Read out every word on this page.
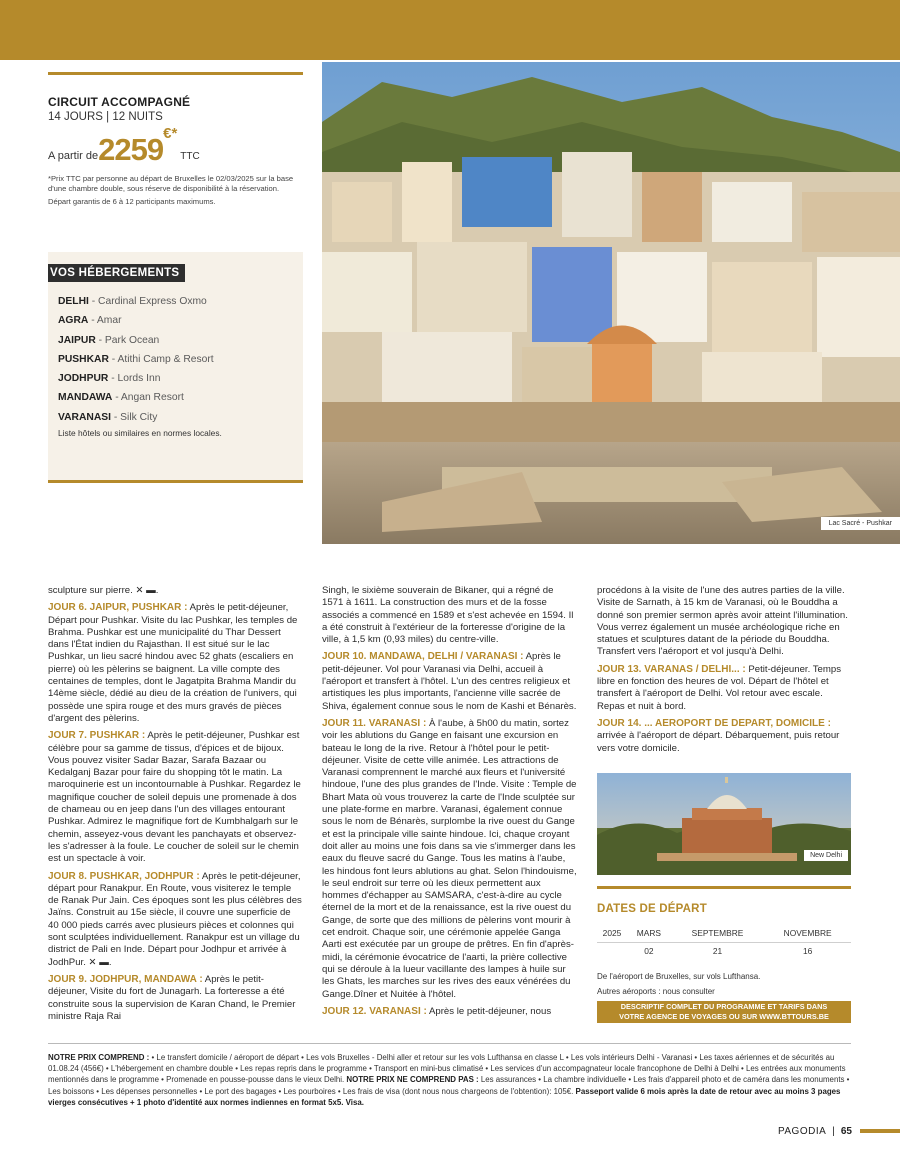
CIRCUIT ACCOMPAGNÉ
14 JOURS | 12 NUITS
A partir de 2259 €*
TTC
*Prix TTC par personne au départ de Bruxelles le 02/03/2025 sur la base d'une chambre double, sous réserve de disponibilité à la réservation.
Départ garantis de 6 à 12 participants maximums.
VOS HÉBERGEMENTS
DELHI - Cardinal Express Oxmo
AGRA - Amar
JAIPUR - Park Ocean
PUSHKAR - Atithi Camp & Resort
JODHPUR - Lords Inn
MANDAWA - Angan Resort
VARANASI - Silk City
Liste hôtels ou similaires en normes locales.
Lac Sacré - Pushkar

sculpture sur pierre. ✕ ▬.

JOUR 6. JAIPUR, PUSHKAR : Après le petit-déjeuner, Départ pour Pushkar. Visite du lac Pushkar, les temples de Brahma. Pushkar est une municipalité du Thar Dessert dans l'État indien du Rajasthan. Il est situé sur le lac Pushkar, un lieu sacré hindou avec 52 ghats (escaliers en pierre) où les pèlerins se baignent. La ville compte des centaines de temples, dont le Jagatpita Brahma Mandir du 14ème siècle, dédié au dieu de la création de l'univers, qui possède une spira rouge et des murs gravés de pièces d'argent des pèlerins.

JOUR 7. PUSHKAR : Après le petit-déjeuner, Pushkar est célèbre pour sa gamme de tissus, d'épices et de bijoux. Vous pouvez visiter Sadar Bazar, Sarafa Bazaar ou Kedalganj Bazar pour faire du shopping tôt le matin. La maroquinerie est un incontournable à Pushkar. Regardez le magnifique coucher de soleil depuis une promenade à dos de chameau ou en jeep dans l'un des villages entourant Pushkar. Admirez le magnifique fort de Kumbhalgarh sur le chemin, asseyez-vous devant les panchayats et observez-les s'adresser à la foule. Le coucher de soleil sur le chemin est un spectacle à voir.

JOUR 8. PUSHKAR, JODHPUR : Après le petit-déjeuner, départ pour Ranakpur. En Route, vous visiterez le temple de Ranak Pur Jain. Ces époques sont les plus célèbres des Jaïns. Construit au 15e siècle, il couvre une superficie de 40 000 pieds carrés avec plusieurs pièces et colonnes qui sont sculptées individuellement. Ranakpur est un village du district de Pali en Inde. Départ pour Jodhpur et arrivée à JodhPur. ✕ ▬.

JOUR 9. JODHPUR, MANDAWA : Après le petit-déjeuner, Visite du fort de Junagarh. La forteresse a été construite sous la supervision de Karan Chand, le Premier ministre Raja Rai

Singh, le sixième souverain de Bikaner, qui a régné de 1571 à 1611. La construction des murs et de la fosse associés a commencé en 1589 et s'est achevée en 1594. Il a été construit à l'extérieur de la forteresse d'origine de la ville, à 1,5 km (0,93 miles) du centre-ville.

JOUR 10. MANDAWA, DELHI / VARANASI : Après le petit-déjeuner. Vol pour Varanasi via Delhi, accueil à l'aéroport et transfert à l'hôtel. L'un des centres religieux et artistiques les plus importants, l'ancienne ville sacrée de Shiva, également connue sous le nom de Kashi et Bénarès.

JOUR 11. VARANASI : À l'aube, à 5h00 du matin, sortez voir les ablutions du Gange en faisant une excursion en bateau le long de la rive. Retour à l'hôtel pour le petit-déjeuner. Visite de cette ville animée. Les attractions de Varanasi comprennent le marché aux fleurs et l'université hindoue, l'une des plus grandes de l'Inde. Visite : Temple de Bhart Mata où vous trouverez la carte de l'Inde sculptée sur une plate-forme en marbre. Varanasi, également connue sous le nom de Bénarès, surplombe la rive ouest du Gange et est la principale ville sainte hindoue. Ici, chaque croyant doit aller au moins une fois dans sa vie s'immerger dans les eaux du fleuve sacré du Gange. Tous les matins à l'aube, les hindous font leurs ablutions au ghat. Selon l'hindouisme, le seul endroit sur terre où les dieux permettent aux hommes d'échapper au SAMSARA, c'est-à-dire au cycle éternel de la mort et de la renaissance, est la rive ouest du Gange, de sorte que des millions de pèlerins vont mourir à cet endroit. Chaque soir, une cérémonie appelée Ganga Aarti est exécutée par un groupe de prêtres. En fin d'après-midi, la cérémonie évocatrice de l'aarti, la prière collective qui se déroule à la lueur vacillante des lampes à huile sur les Ghats, les marches sur les rives des eaux vénérées du Gange.Dîner et Nuitée à l'hôtel.

JOUR 12. VARANASI : Après le petit-déjeuner, nous

procédons à la visite de l'une des autres parties de la ville. Visite de Sarnath, à 15 km de Varanasi, où le Bouddha a donné son premier sermon après avoir atteint l'illumination. Vous verrez également un musée archéologique riche en statues et sculptures datant de la période du Bouddha. Transfert vers l'aéroport et vol jusqu'à Delhi.

JOUR 13. VARANAS / DELHI... : Petit-déjeuner. Temps libre en fonction des heures de vol. Départ de l'hôtel et transfert à l'aéroport de Delhi. Vol retour avec escale. Repas et nuit à bord.

JOUR 14. ... AEROPORT DE DEPART, DOMICILE : arrivée à l'aéroport de départ. Débarquement, puis retour vers votre domicile.

New Delhi
DATES DE DÉPART
2025	MARS	SEPTEMBRE	NOVEMBRE
	02	21	16
De l'aéroport de Bruxelles, sur vols Lufthansa.
Autres aéroports : nous consulter
DESCRIPTIF COMPLET DU PROGRAMME ET TARIFS DANS
VOTRE AGENCE DE VOYAGES OU SUR WWW.BTTOURS.BE
NOTRE PRIX COMPREND : • Le transfert domicile / aéroport de départ • Les vols Bruxelles - Delhi aller et retour sur les vols Lufthansa en classe L • Les vols intérieurs Delhi - Varanasi • Les taxes aériennes et de sécurités au 01.08.24 (456€) • L'hébergement en chambre double • Les repas repris dans le programme • Transport en mini-bus climatisé • Les services d'un accompagnateur locale francophone de Delhi à Delhi • Les entrées aux monuments mentionnés dans le programme • Promenade en pousse-pousse dans le vieux Delhi. NOTRE PRIX NE COMPREND PAS : Les assurances • La chambre individuelle • Les frais d'appareil photo et de caméra dans les monuments • Les boissons • Les dépenses personnelles • Le port des bagages • Les pourboires • Les frais de visa (dont nous nous chargeons de l'obtention): 105€. Passeport valide 6 mois après la date de retour avec au moins 3 pages vierges consécutives + 1 photo d'identité aux normes indiennes en format 5x5. Visa.
PAGODIA | 65
